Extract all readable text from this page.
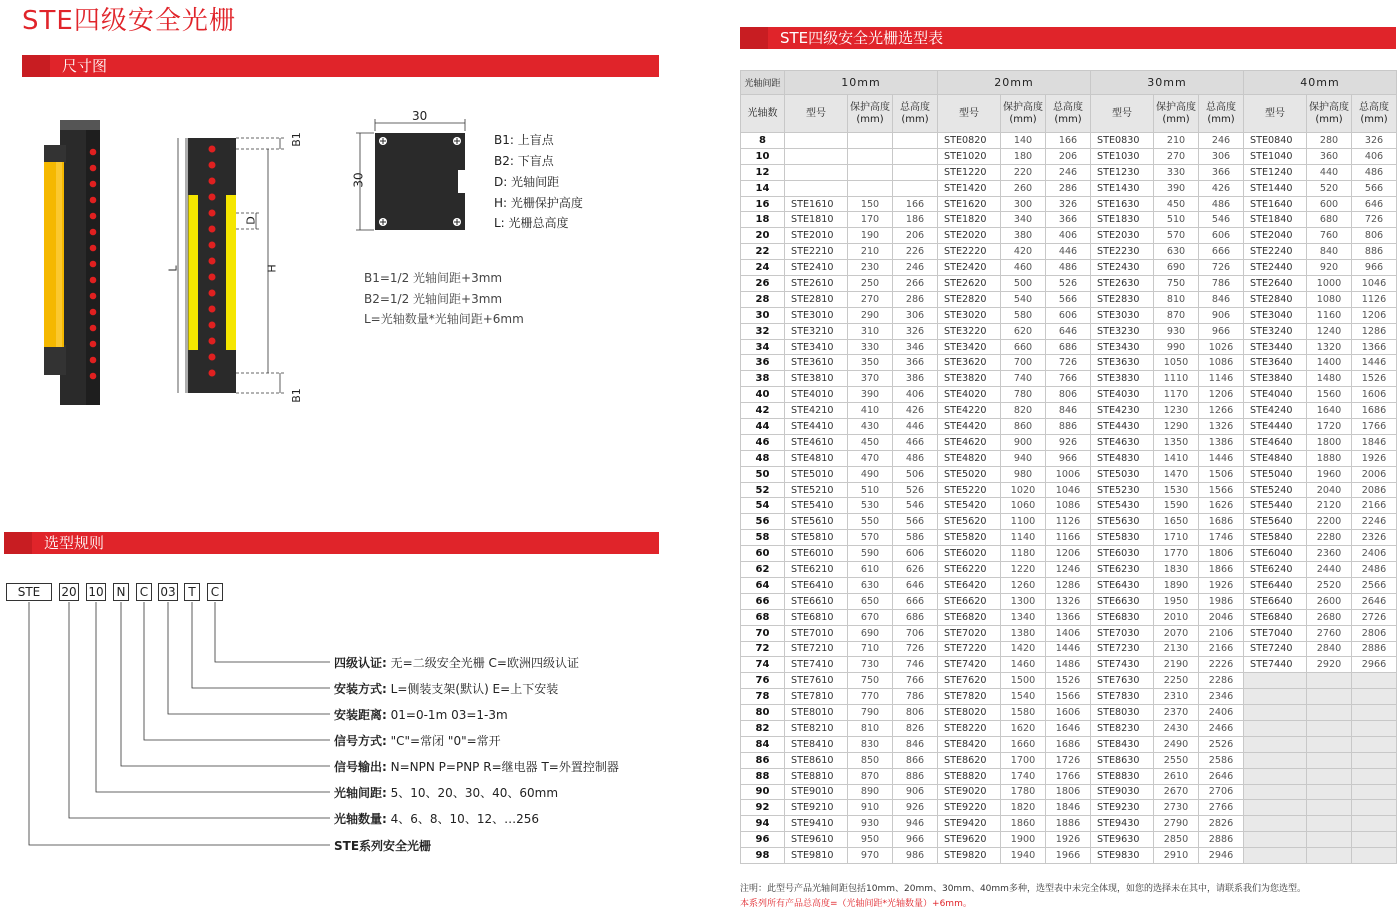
STE四级安全光栅
尺寸图
B1
B1
D
L	H
30
30
B1: 上盲点
B2: 下盲点
D: 光轴间距
H: 光栅保护高度
L: 光栅总高度
B1=1/2 光轴间距+3mm
B2=1/2 光轴间距+3mm
L=光轴数量*光轴间距+6mm
选型规则
STE	20 10 N	C	03	T	C
四级认证: 无=二级安全光栅 C=欧洲四级认证
安装方式: L=侧装支架(默认) E=上下安装
安装距离: 01=0-1m 03=1-3m
信号方式: "C"=常闭 "0"=常开
信号输出: N=NPN P=PNP R=继电器 T=外置控制器
光轴间距: 5、10、20、30、40、60mm
光轴数量: 4、6、8、10、12、…256
STE系列安全光栅
STE四级安全光栅选型表
光轴间距	10mm			20mm			30mm			40mm		
光轴数	型号	保护高度(mm)	总高度(mm)	型号	保护高度(mm)	总高度(mm)	型号	保护高度(mm)	总高度(mm)	型号	保护高度(mm)	总高度(mm)
8				STE0820	140	166	STE0830	210	246	STE0840	280	326
10				STE1020	180	206	STE1030	270	306	STE1040	360	406
12				STE1220	220	246	STE1230	330	366	STE1240	440	486
14				STE1420	260	286	STE1430	390	426	STE1440	520	566
16	STE1610	150	166	STE1620	300	326	STE1630	450	486	STE1640	600	646
18	STE1810	170	186	STE1820	340	366	STE1830	510	546	STE1840	680	726
20	STE2010	190	206	STE2020	380	406	STE2030	570	606	STE2040	760	806
22	STE2210	210	226	STE2220	420	446	STE2230	630	666	STE2240	840	886
24	STE2410	230	246	STE2420	460	486	STE2430	690	726	STE2440	920	966
26	STE2610	250	266	STE2620	500	526	STE2630	750	786	STE2640	1000	1046
28	STE2810	270	286	STE2820	540	566	STE2830	810	846	STE2840	1080	1126
30	STE3010	290	306	STE3020	580	606	STE3030	870	906	STE3040	1160	1206
32	STE3210	310	326	STE3220	620	646	STE3230	930	966	STE3240	1240	1286
34	STE3410	330	346	STE3420	660	686	STE3430	990	1026	STE3440	1320	1366
36	STE3610	350	366	STE3620	700	726	STE3630	1050	1086	STE3640	1400	1446
38	STE3810	370	386	STE3820	740	766	STE3830	1110	1146	STE3840	1480	1526
40	STE4010	390	406	STE4020	780	806	STE4030	1170	1206	STE4040	1560	1606
42	STE4210	410	426	STE4220	820	846	STE4230	1230	1266	STE4240	1640	1686
44	STE4410	430	446	STE4420	860	886	STE4430	1290	1326	STE4440	1720	1766
46	STE4610	450	466	STE4620	900	926	STE4630	1350	1386	STE4640	1800	1846
48	STE4810	470	486	STE4820	940	966	STE4830	1410	1446	STE4840	1880	1926
50	STE5010	490	506	STE5020	980	1006	STE5030	1470	1506	STE5040	1960	2006
52	STE5210	510	526	STE5220	1020	1046	STE5230	1530	1566	STE5240	2040	2086
54	STE5410	530	546	STE5420	1060	1086	STE5430	1590	1626	STE5440	2120	2166
56	STE5610	550	566	STE5620	1100	1126	STE5630	1650	1686	STE5640	2200	2246
58	STE5810	570	586	STE5820	1140	1166	STE5830	1710	1746	STE5840	2280	2326
60	STE6010	590	606	STE6020	1180	1206	STE6030	1770	1806	STE6040	2360	2406
62	STE6210	610	626	STE6220	1220	1246	STE6230	1830	1866	STE6240	2440	2486
64	STE6410	630	646	STE6420	1260	1286	STE6430	1890	1926	STE6440	2520	2566
66	STE6610	650	666	STE6620	1300	1326	STE6630	1950	1986	STE6640	2600	2646
68	STE6810	670	686	STE6820	1340	1366	STE6830	2010	2046	STE6840	2680	2726
70	STE7010	690	706	STE7020	1380	1406	STE7030	2070	2106	STE7040	2760	2806
72	STE7210	710	726	STE7220	1420	1446	STE7230	2130	2166	STE7240	2840	2886
74	STE7410	730	746	STE7420	1460	1486	STE7430	2190	2226	STE7440	2920	2966
76	STE7610	750	766	STE7620	1500	1526	STE7630	2250	2286			
78	STE7810	770	786	STE7820	1540	1566	STE7830	2310	2346			
80	STE8010	790	806	STE8020	1580	1606	STE8030	2370	2406			
82	STE8210	810	826	STE8220	1620	1646	STE8230	2430	2466			
84	STE8410	830	846	STE8420	1660	1686	STE8430	2490	2526			
86	STE8610	850	866	STE8620	1700	1726	STE8630	2550	2586			
88	STE8810	870	886	STE8820	1740	1766	STE8830	2610	2646			
90	STE9010	890	906	STE9020	1780	1806	STE9030	2670	2706			
92	STE9210	910	926	STE9220	1820	1846	STE9230	2730	2766			
94	STE9410	930	946	STE9420	1860	1886	STE9430	2790	2826			
96	STE9610	950	966	STE9620	1900	1926	STE9630	2850	2886			
98	STE9810	970	986	STE9820	1940	1966	STE9830	2910	2946			
注明：此型号产品光轴间距包括10mm、20mm、30mm、40mm多种，选型表中未完全体现，如您的选择未在其中，请联系我们为您选型。
本系列所有产品总高度=（光轴间距*光轴数量）+6mm。
